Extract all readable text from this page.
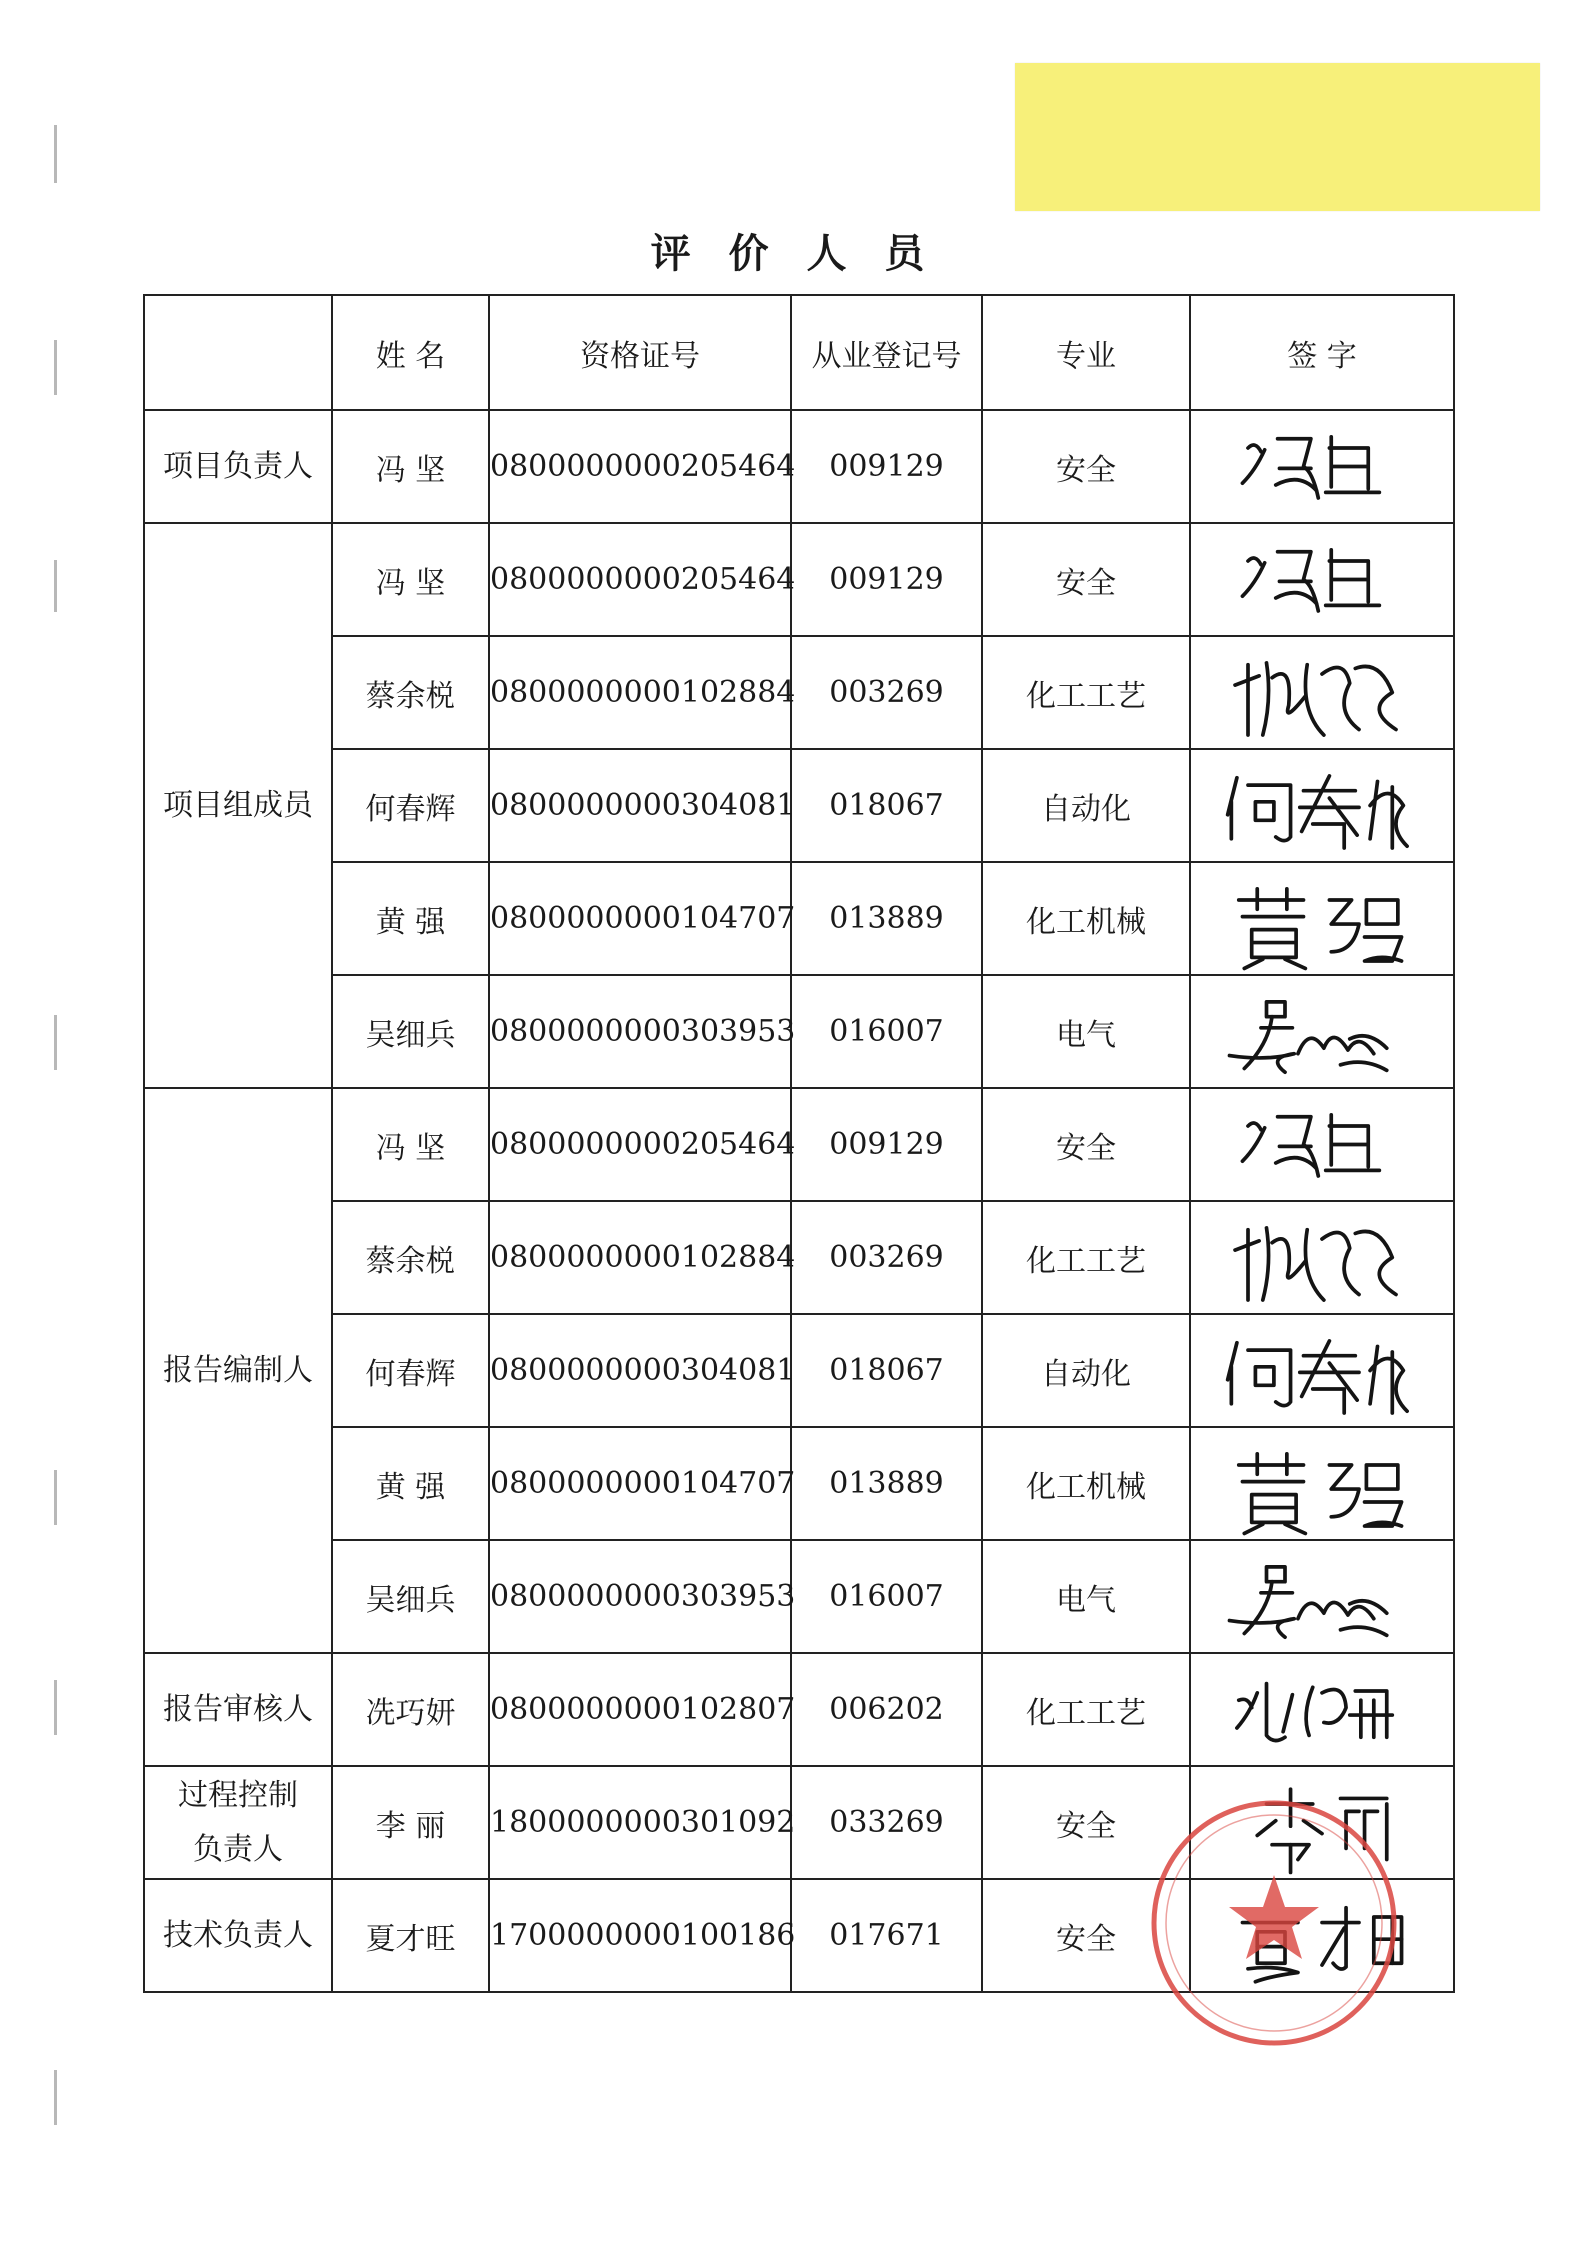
评 价 人 员
	姓 名	资格证号	从业登记号	专业	签 字
项目负责人	冯 坚	0800000000205464	009129	安全	

项目组成员	冯 坚	0800000000205464	009129	安全	

	蔡余棁	0800000000102884	003269	化工工艺	

	何春辉	0800000000304081	018067	自动化	

	黄 强	0800000000104707	013889	化工机械	

	吴细兵	0800000000303953	016007	电气	

报告编制人	冯 坚	0800000000205464	009129	安全	

	蔡余棁	0800000000102884	003269	化工工艺	

	何春辉	0800000000304081	018067	自动化	

	黄 强	0800000000104707	013889	化工机械	

	吴细兵	0800000000303953	016007	电气	

报告审核人	冼巧妍	0800000000102807	006202	化工工艺	

过程控制
负责人	李 丽	1800000000301092	033269	安全	

技术负责人	夏才旺	1700000000100186	017671	安全	
